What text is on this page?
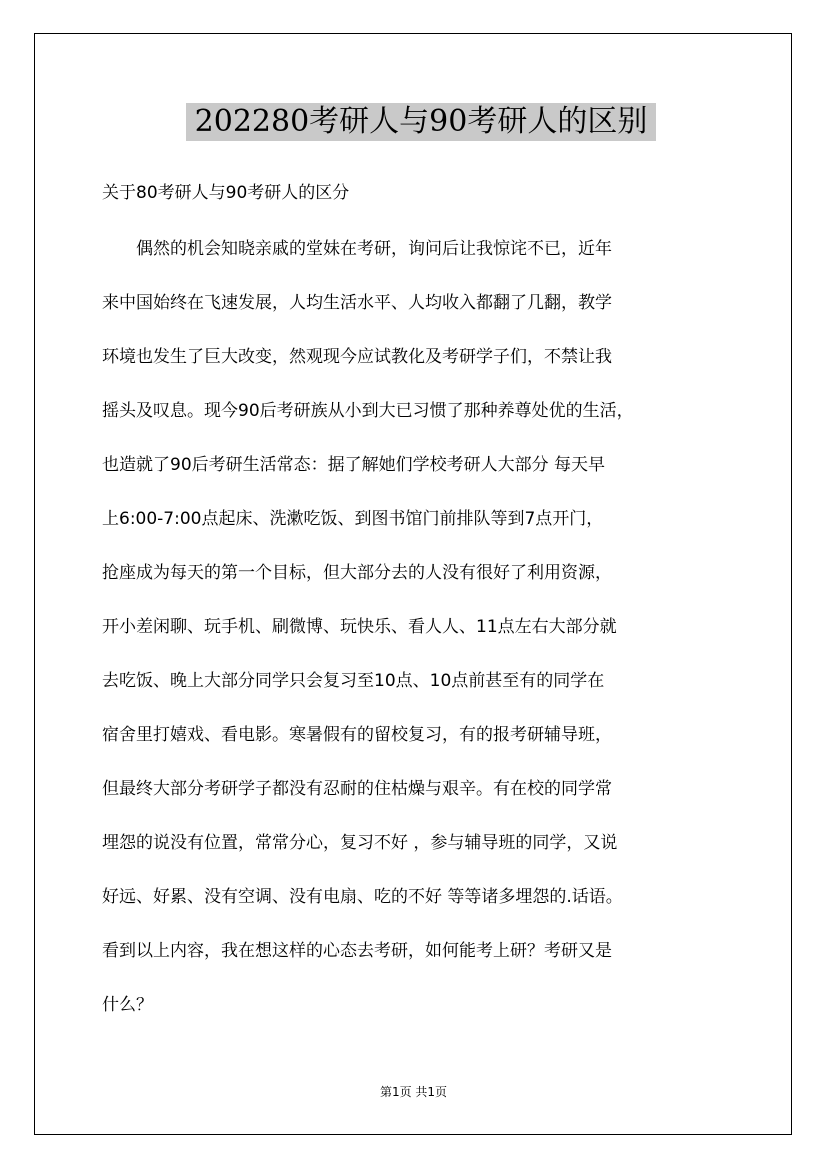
202280考研人与90考研人的区别
关于80考研人与90考研人的区分
　　偶然的机会知晓亲戚的堂妹在考研，询问后让我惊诧不已，近年
来中国始终在飞速发展，人均生活水平、人均收入都翻了几翻，教学
环境也发生了巨大改变，然观现今应试教化及考研学子们，不禁让我
摇头及叹息。现今90后考研族从小到大已习惯了那种养尊处优的生活，
也造就了90后考研生活常态：据了解她们学校考研人大部分 每天早
上6:00-7:00点起床、洗漱吃饭、到图书馆门前排队等到7点开门，
抢座成为每天的第一个目标，但大部分去的人没有很好了利用资源，
开小差闲聊、玩手机、刷微博、玩快乐、看人人、11点左右大部分就
去吃饭、晚上大部分同学只会复习至10点、10点前甚至有的同学在
宿舍里打嬉戏、看电影。寒暑假有的留校复习，有的报考研辅导班，
但最终大部分考研学子都没有忍耐的住枯燥与艰辛。有在校的同学常
埋怨的说没有位置，常常分心，复习不好 ，参与辅导班的同学，又说
好远、好累、没有空调、没有电扇、吃的不好 等等诸多埋怨的.话语。
看到以上内容，我在想这样的心态去考研，如何能考上研？考研又是
什么？
第1页 共1页
